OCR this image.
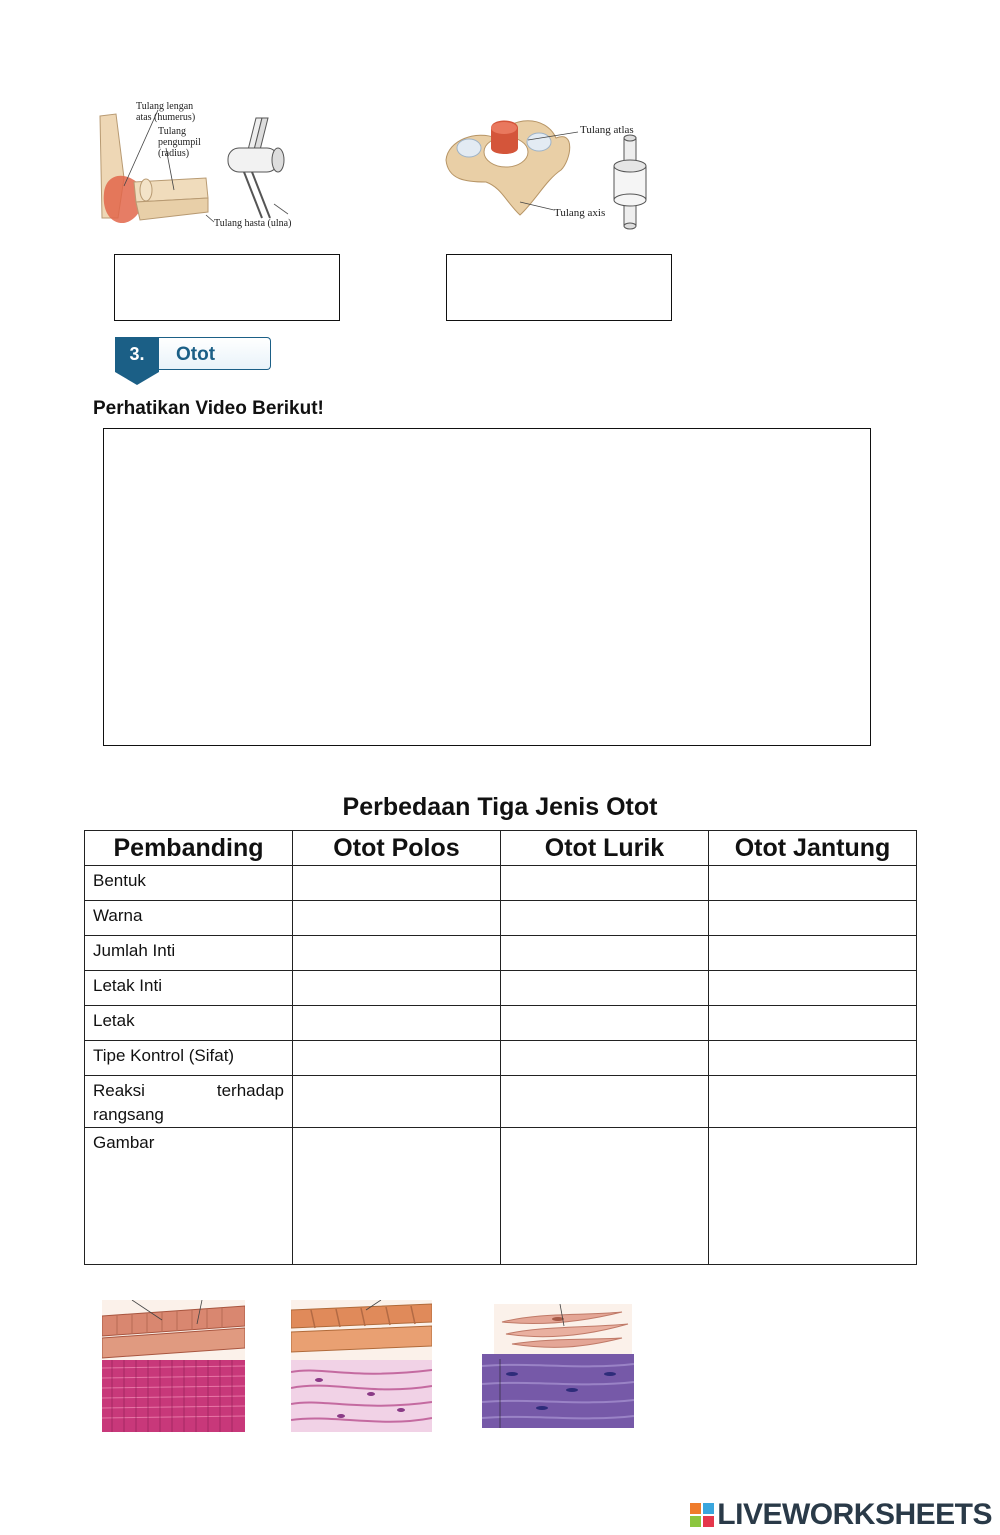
Tulang lengan
atas (humerus)
Tulang
pengumpil
(radius)
Tulang hasta (ulna)
Tulang atlas
Tulang axis
3.	Otot
Perhatikan Video Berikut!
Perbedaan Tiga Jenis Otot
Pembanding	Otot Polos	Otot Lurik	Otot Jantung
Bentuk			
Warna			
Jumlah Inti			
Letak Inti			
Letak			
Tipe Kontrol (Sifat)			
Reaksi terhadap rangsang			
Gambar			
LIVEWORKSHEETS
